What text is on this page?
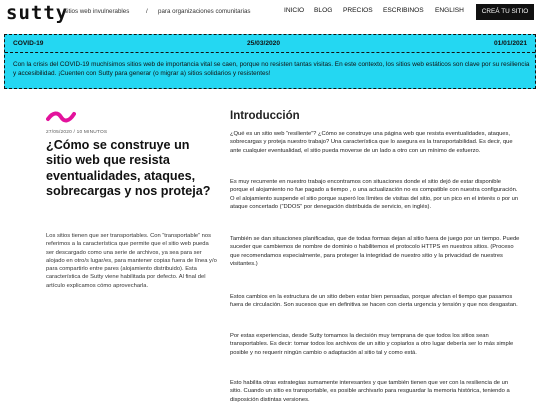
sutty
sitios web invulnerables	/ para organizaciones comunitarias	INICIO BLOG PRECIOS ESCRIBINOS ENGLISH	CREÁ TU SITIO
COVID-19	25/03/2020	01/01/2021
Con la crisis del COVID-19 muchísimos sitios web de importancia vital se caen, porque no resisten tantas visitas. En este contexto, los sitios web estáticos son clave por su resiliencia y accesibilidad. ¡Cuenten con Sutty para generar (o migrar a) sitios solidarios y resistentes!
27/05/2020 / 10 MINUTOS
¿Cómo se construye un sitio web que resista eventualidades, ataques, sobrecargas y nos proteja?

Los sitios tienen que ser transportables. Con “transportable” nos referimos a la característica que permite que el sitio web pueda ser descargado como una serie de archivos, ya sea para ser alojado en otro/s lugar/es, para mantener copias fuera de línea y/o para compartirlo entre pares (alojamiento distribuido). Esta característica de Sutty viene habilitada por defecto. Al final del artículo explicamos cómo aprovecharla.

Introducción

¿Qué es un sitio web “resiliente”? ¿Cómo se construye una página web que resista eventualidades, ataques, sobrecargas y proteja nuestro trabajo? Una característica que lo asegura es la transportabilidad. Es decir, que ante cualquier eventualidad, el sitio pueda moverse de un lado a otro con un mínimo de esfuerzo.

Es muy recurrente en nuestro trabajo encontramos con situaciones donde el sitio dejó de estar disponible porque el alojamiento no fue pagado a tiempo , o una actualización no es compatible con nuestra configuración. O el alojamiento suspende el sitio porque superó los límites de visitas del sitio, por un pico en el interés o por un ataque concertado (“DDOS” por denegación distribuida de servicio, en inglés).

También se dan situaciones planificadas, que de todas formas dejan al sitio fuera de juego por un tiempo. Puede suceder que cambiemos de nombre de dominio o habilitemos el protocolo HTTPS en nuestros sitios. (Proceso que recomendamos especialmente, para proteger la integridad de nuestro sitio y la privacidad de nuestres visitantes.)

Estos cambios en la estructura de un sitio deben estar bien pensadas, porque afectan el tiempo que pasamos fuera de circulación. Son sucesos que en definitiva se hacen con cierta urgencia y tensión y que nos desgastan.

Por estas experiencias, desde Sutty tomamos la decisión muy temprana de que todos los sitios sean transportables. Es decir: tomar todos los archivos de un sitio y copiarlos a otro lugar debería ser lo más simple posible y no requerir ningún cambio o adaptación al sitio tal y como está.

Esto habilita otras estrategias sumamente interesantes y que también tienen que ver con la resiliencia de un sitio. Cuando un sitio es transportable, es posible archivarlo para resguardar la memoria histórica, teniendo a disposición distintas versiones.
